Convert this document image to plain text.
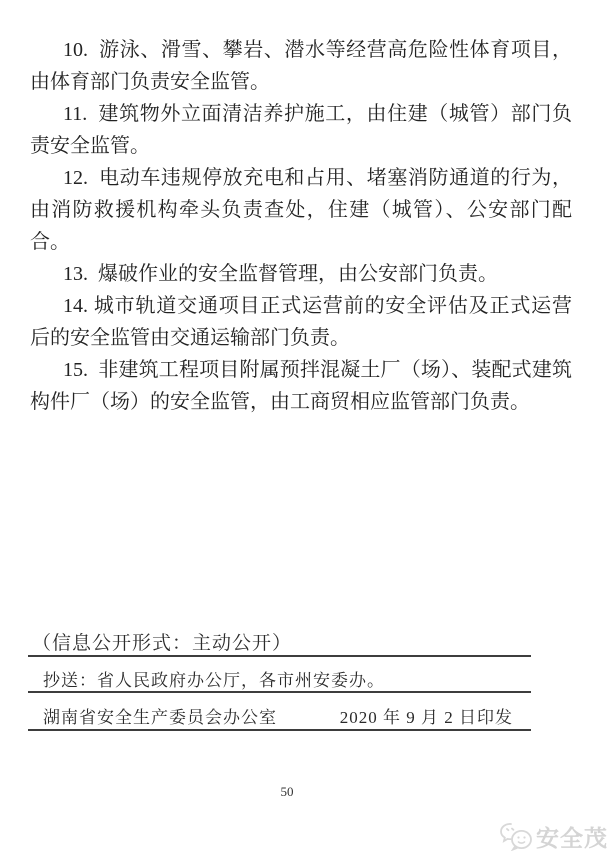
10.  游泳、滑雪、攀岩、潜水等经营高危险性体育项目，由体育部门负责安全监管。

11.  建筑物外立面清洁养护施工，由住建（城管）部门负责安全监管。

12.  电动车违规停放充电和占用、堵塞消防通道的行为，由消防救援机构牵头负责查处，住建（城管）、公安部门配合。

13.  爆破作业的安全监督管理，由公安部门负责。

14. 城市轨道交通项目正式运营前的安全评估及正式运营后的安全监管由交通运输部门负责。

15.  非建筑工程项目附属预拌混凝土厂（场）、装配式建筑构件厂（场）的安全监管，由工商贸相应监管部门负责。

（信息公开形式：主动公开）
抄送：省人民政府办公厅，各市州安委办。
湖南省安全生产委员会办公室	2020 年 9 月 2 日印发
50
安全茂
